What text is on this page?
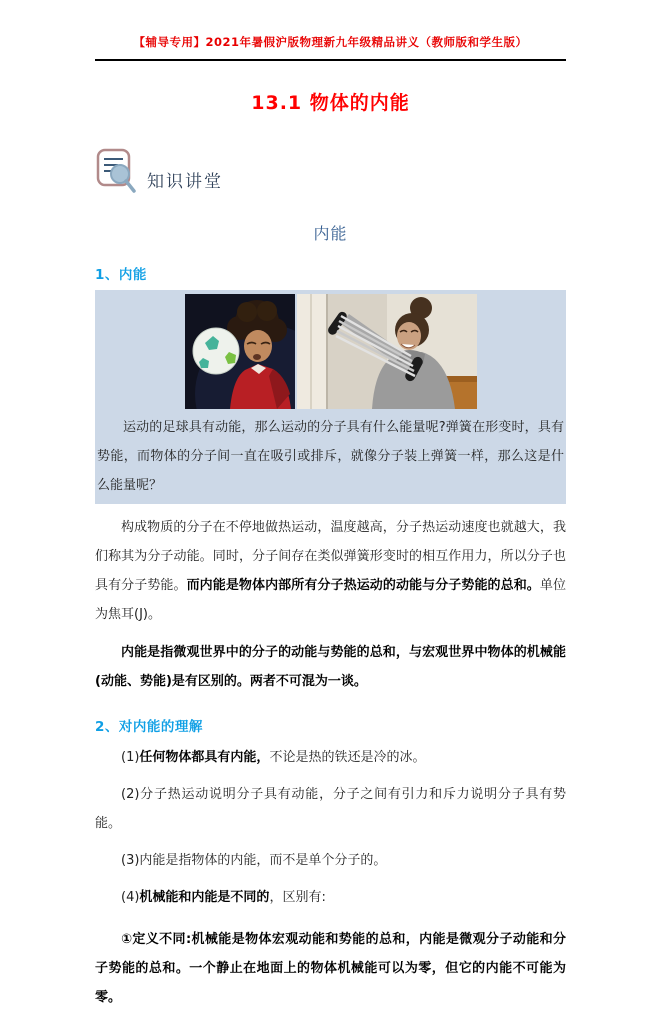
【辅导专用】2021年暑假沪版物理新九年级精品讲义（教师版和学生版）
13.1 物体的内能
知识讲堂
内能
1、内能

运动的足球具有动能，那么运动的分子具有什么能量呢?弹簧在形变时，具有势能，而物体的分子间一直在吸引或排斥，就像分子装上弹簧一样，那么这是什么能量呢？

构成物质的分子在不停地做热运动，温度越高，分子热运动速度也就越大，我们称其为分子动能。同时，分子间存在类似弹簧形变时的相互作用力，所以分子也具有分子势能。而内能是物体内部所有分子热运动的动能与分子势能的总和。单位为焦耳(J)。

内能是指微观世界中的分子的动能与势能的总和，与宏观世界中物体的机械能(动能、势能)是有区别的。两者不可混为一谈。

2、对内能的理解

(1)任何物体都具有内能，不论是热的铁还是冷的冰。

(2)分子热运动说明分子具有动能，分子之间有引力和斥力说明分子具有势能。

(3)内能是指物体的内能，而不是单个分子的。

(4)机械能和内能是不同的，区别有:

①定义不同:机械能是物体宏观动能和势能的总和，内能是微观分子动能和分子势能的总和。一个静止在地面上的物体机械能可以为零，但它的内能不可能为零。
